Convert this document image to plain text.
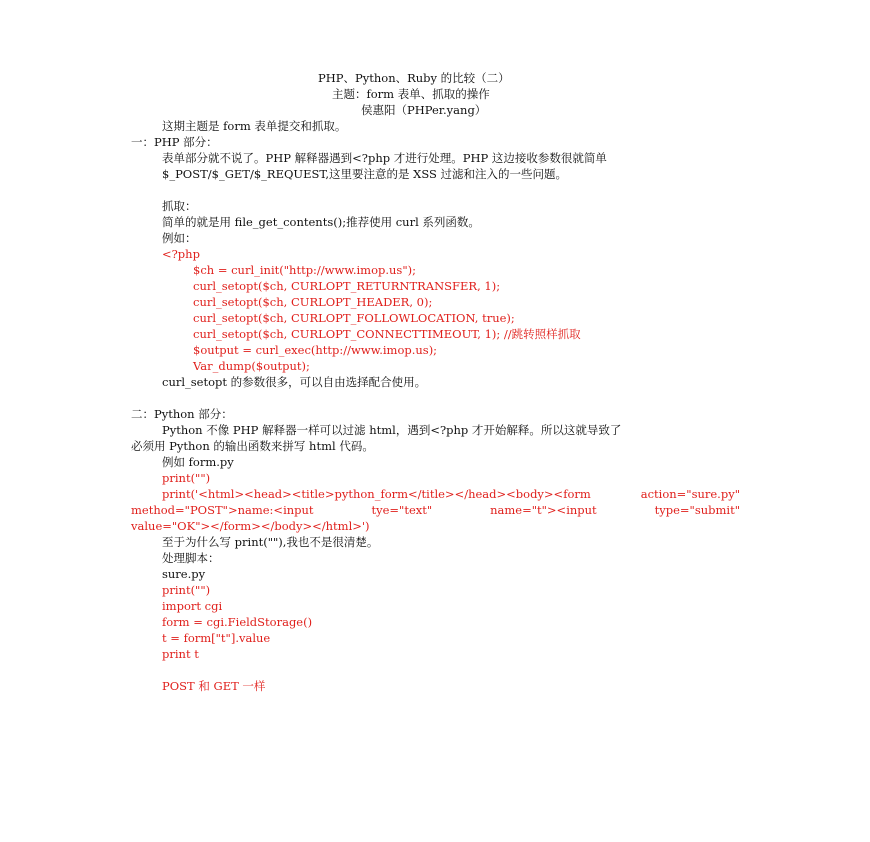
PHP、Python、Ruby 的比较（二）
主题：form 表单、抓取的操作
侯惠阳（PHPer.yang）
这期主题是 form 表单提交和抓取。
一：PHP 部分：
表单部分就不说了。PHP 解释器遇到<?php 才进行处理。PHP 这边接收参数很就简单
$_POST/$_GET/$_REQUEST,这里要注意的是 XSS 过滤和注入的一些问题。
抓取：
简单的就是用 file_get_contents();推荐使用 curl 系列函数。
例如：
<?php
$ch = curl_init("http://www.imop.us");
curl_setopt($ch, CURLOPT_RETURNTRANSFER, 1);
curl_setopt($ch, CURLOPT_HEADER, 0);
curl_setopt($ch, CURLOPT_FOLLOWLOCATION, true);
curl_setopt($ch, CURLOPT_CONNECTTIMEOUT, 1); //跳转照样抓取
$output = curl_exec(http://www.imop.us);
Var_dump($output);
curl_setopt 的参数很多，可以自由选择配合使用。
二：Python 部分：
Python 不像 PHP 解释器一样可以过滤 html，遇到<?php 才开始解释。所以这就导致了
必须用 Python 的输出函数来拼写 html 代码。
例如 form.py
print("")
print('<html><head><title>python_form</title></head><body><form	action="sure.py"
method="POST">name:<input	tye="text"	name="t"><input	type="submit"
value="OK"></form></body></html>')
至于为什么写 print(""),我也不是很清楚。
处理脚本：
sure.py
print("")
import cgi
form = cgi.FieldStorage()
t = form["t"].value
print t
POST 和 GET 一样
